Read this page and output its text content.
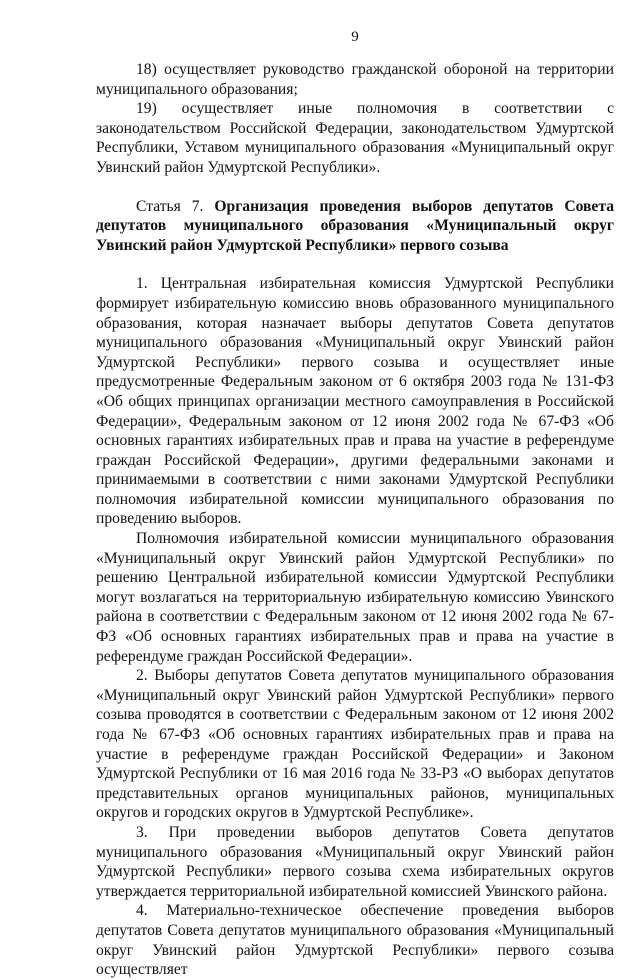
9

18) осуществляет руководство гражданской обороной на территории муниципального образования;

19) осуществляет иные полномочия в соответствии с законодательством Российской Федерации, законодательством Удмуртской Республики, Уставом муниципального образования «Муниципальный округ Увинский район Удмуртской Республики».

Статья 7. Организация проведения выборов депутатов Совета депутатов муниципального образования «Муниципальный округ Увинский район Удмуртской Республики» первого созыва

1. Центральная избирательная комиссия Удмуртской Республики формирует избирательную комиссию вновь образованного муниципального образования, которая назначает выборы депутатов Совета депутатов муниципального образования «Муниципальный округ Увинский район Удмуртской Республики» первого созыва и осуществляет иные предусмотренные Федеральным законом от 6 октября 2003 года № 131-ФЗ «Об общих принципах организации местного самоуправления в Российской Федерации», Федеральным законом от 12 июня 2002 года № 67-ФЗ «Об основных гарантиях избирательных прав и права на участие в референдуме граждан Российской Федерации», другими федеральными законами и принимаемыми в соответствии с ними законами Удмуртской Республики полномочия избирательной комиссии муниципального образования по проведению выборов.

Полномочия избирательной комиссии муниципального образования «Муниципальный округ Увинский район Удмуртской Республики» по решению Центральной избирательной комиссии Удмуртской Республики могут возлагаться на территориальную избирательную комиссию Увинского района в соответствии с Федеральным законом от 12 июня 2002 года № 67-ФЗ «Об основных гарантиях избирательных прав и права на участие в референдуме граждан Российской Федерации».

2. Выборы депутатов Совета депутатов муниципального образования «Муниципальный округ Увинский район Удмуртской Республики» первого созыва проводятся в соответствии с Федеральным законом от 12 июня 2002 года № 67-ФЗ «Об основных гарантиях избирательных прав и права на участие в референдуме граждан Российской Федерации» и Законом Удмуртской Республики от 16 мая 2016 года № 33-РЗ «О выборах депутатов представительных органов муниципальных районов, муниципальных округов и городских округов в Удмуртской Республике».

3. При проведении выборов депутатов Совета депутатов муниципального образования «Муниципальный округ Увинский район Удмуртской Республики» первого созыва схема избирательных округов утверждается территориальной избирательной комиссией Увинского района.

4. Материально-техническое обеспечение проведения выборов депутатов Совета депутатов муниципального образования «Муниципальный округ Увинский район Удмуртской Республики» первого созыва осуществляет
